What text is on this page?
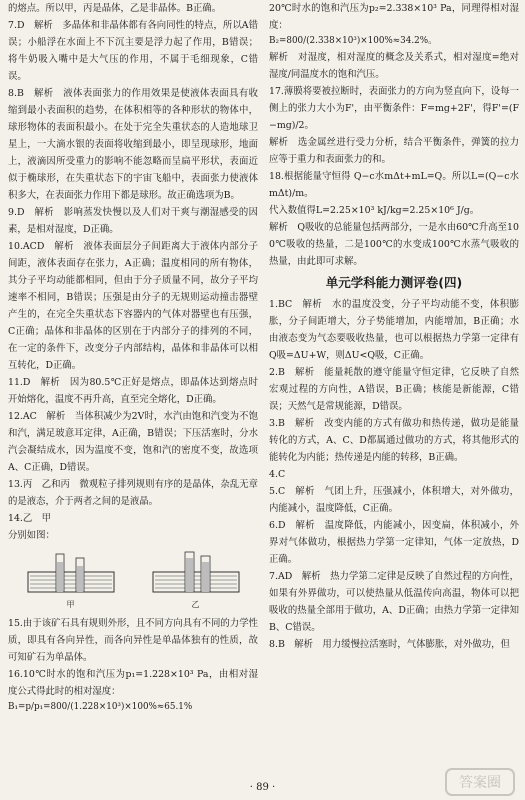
的熔点。所以甲，丙是晶体，乙是非晶体。B正确。

7.D　解析　多晶体和非晶体都有各向同性的特点，所以A错误；小船浮在水面上不下沉主要是浮力起了作用，B错误；将牛奶吸入嘴中是大气压的作用，不属于毛细现象，C错误。

8.B　解析　液体表面张力的作用效果是使液体表面具有收缩到最小表面积的趋势，在体积相等的各种形状的物体中，球形物体的表面积最小。在处于完全失重状态的人造地球卫星上，一大滴水银的表面将收缩到最小，即呈现球形，地面上，液滴因所受重力的影响不能忽略而呈扁平形状，表面近似于椭球形，在失重状态下的宇宙飞船中，表面张力使液体积多大，在表面张力作用下都是球形。故正确选项为B。

9.D　解析　影响蒸发快慢以及人们对干爽与潮湿感受的因素，是相对湿度，D正确。

10.ACD　解析　液体表面层分子间距离大于液体内部分子间距，液体表面存在张力，A正确；温度相同的所有物体，其分子平均动能都相同，但由于分子质量不同，故分子平均速率不相同，B错误；压强是由分子的无规则运动撞击器壁产生的，在完全失重状态下容器内的气体对器壁也有压强，C正确；晶体和非晶体的区别在于内部分子的排列的不同，在一定的条件下，改变分子内部结构，晶体和非晶体可以相互转化，D正确。

11.D　解析　因为80.5℃正好是熔点，即晶体达到熔点时开始熔化，温度不再升高，直至完全熔化，D正确。

12.AC　解析　当体积减少为2V时，水汽由饱和汽变为不饱和汽，满足玻意耳定律，A正确，B错误；下压活塞时，分水汽会凝结成水，因为温度不变，饱和汽的密度不变，故选项A、C正确，D错误。

13.丙　乙和丙　微观粒子排列规则有序的是晶体，杂乱无章的是液态，介于两者之间的是液晶。

14.乙　甲

分别如图：

甲	乙

15.由于该矿石具有规则外形，且不同方向具有不同的力学性质，即具有各向异性，而各向异性是单晶体独有的性质，故可知矿石为单晶体。

16.10℃时水的饱和汽压为p₁=1.228×10³ Pa，由相对湿度公式得此时的相对湿度：

B₁=p/p₁=800/(1.228×10³)×100%≈65.1%

20℃时水的饱和汽压为p₂=2.338×10³ Pa，同理得相对湿度：

B₂=800/(2.338×10³)×100%≈34.2%。

解析　对湿度，相对湿度的概念及关系式，相对湿度=绝对湿度/同温度水的饱和汽压。

17.薄膜将要被拉断时，表面张力的方向为竖直向下，设每一侧上的张力大小为F'，由平衡条件：F=mg+2F'，得F'=(F−mg)/2。

解析　选金属丝进行受力分析，结合平衡条件，弹簧的拉力应等于重力和表面张力的和。

18.根据能量守恒得 Q−c水mΔt+mL=Q。所以L=(Q−c水mΔt)/m。

代入数值得L=2.25×10³ kJ/kg=2.25×10⁶ J/g。

解析　Q吸收的总能量包括两部分，一是水由60℃升高至100℃吸收的热量，二是100℃的水变成100℃水蒸气吸收的热量，由此即可求解。

单元学科能力测评卷(四)

1.BC　解析　水的温度没变，分子平均动能不变，体积膨胀，分子间距增大，分子势能增加，内能增加，B正确；水由液态变为气态要吸收热量，也可以根据热力学第一定律有Q吸=ΔU+W，则ΔU<Q吸，C正确。

2.B　解析　能量耗散的遵守能量守恒定律，它反映了自然宏观过程的方向性，A错误，B正确；核能是新能源，C错误；天然气是常规能源，D错误。

3.B　解析　改变内能的方式有做功和热传递，做功是能量转化的方式，A、C、D都属通过做功的方式，将其他形式的能转化为内能；热传递是内能的转移，B正确。

4.C

5.C　解析　气团上升，压强减小，体积增大，对外做功，内能减小，温度降低，C正确。

6.D　解析　温度降低，内能减小，因变扁，体积减小，外界对气体做功，根据热力学第一定律知，气体一定放热，D正确。

7.AD　解析　热力学第二定律是反映了自然过程的方向性，如果有外界做功，可以使热量从低温传向高温，物体可以把吸收的热量全部用于做功，A、D正确；由热力学第一定律知B、C错误。

8.B　解析　用力缓慢拉活塞时，气体膨胀，对外做功，但

· 89 ·	答案圈
